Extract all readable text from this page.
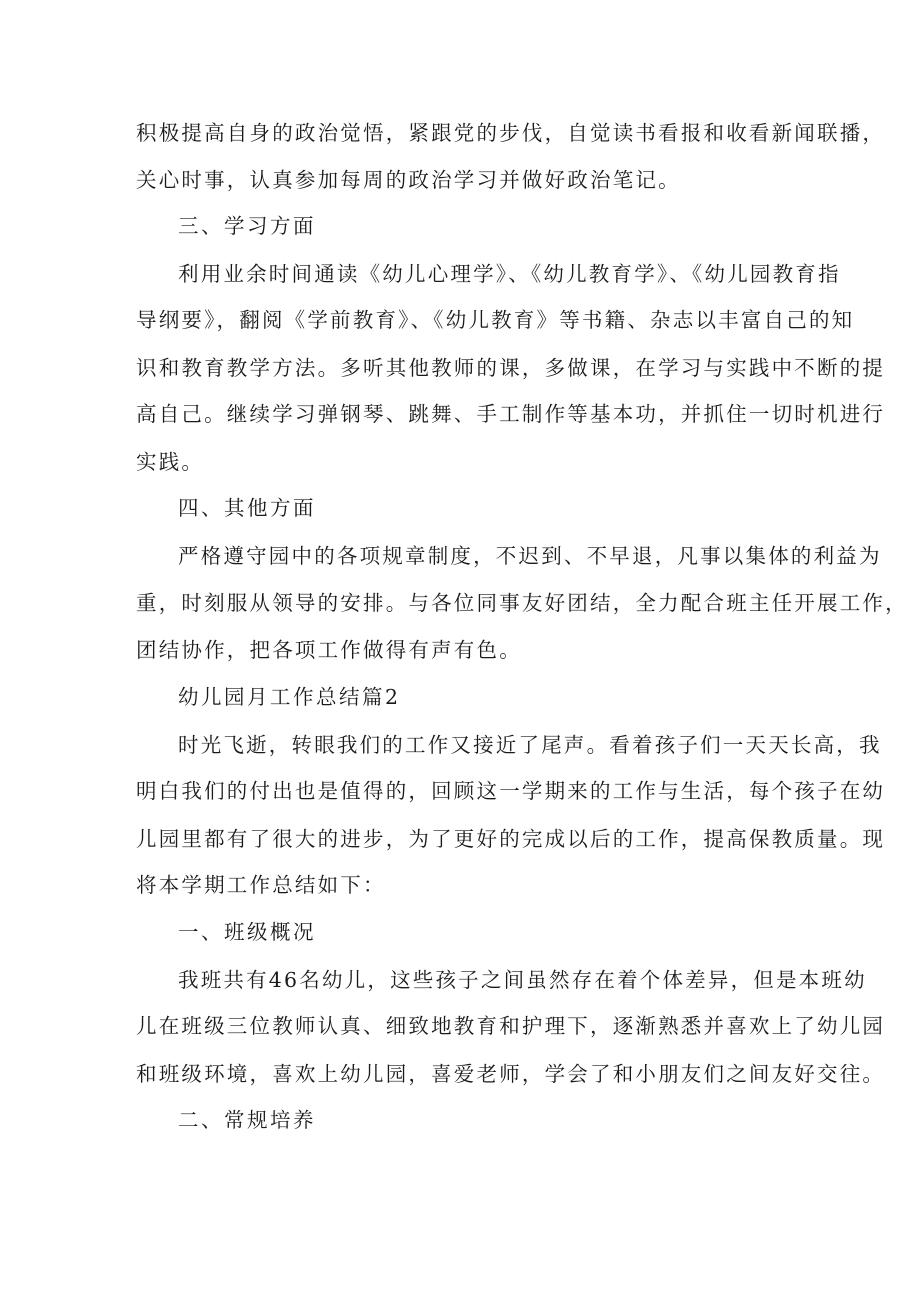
积极提高自身的政治觉悟，紧跟党的步伐，自觉读书看报和收看新闻联播，
关心时事，认真参加每周的政治学习并做好政治笔记。
三、学习方面
利用业余时间通读《幼儿心理学》、《幼儿教育学》、《幼儿园教育指
导纲要》，翻阅《学前教育》、《幼儿教育》等书籍、杂志以丰富自己的知
识和教育教学方法。多听其他教师的课，多做课，在学习与实践中不断的提
高自己。继续学习弹钢琴、跳舞、手工制作等基本功，并抓住一切时机进行
实践。
四、其他方面
严格遵守园中的各项规章制度，不迟到、不早退，凡事以集体的利益为
重，时刻服从领导的安排。与各位同事友好团结，全力配合班主任开展工作，
团结协作，把各项工作做得有声有色。
幼儿园月工作总结篇2
时光飞逝，转眼我们的工作又接近了尾声。看着孩子们一天天长高，我
明白我们的付出也是值得的，回顾这一学期来的工作与生活，每个孩子在幼
儿园里都有了很大的进步，为了更好的完成以后的工作，提高保教质量。现
将本学期工作总结如下：
一、班级概况
我班共有46名幼儿，这些孩子之间虽然存在着个体差异，但是本班幼
儿在班级三位教师认真、细致地教育和护理下，逐渐熟悉并喜欢上了幼儿园
和班级环境，喜欢上幼儿园，喜爱老师，学会了和小朋友们之间友好交往。
二、常规培养
